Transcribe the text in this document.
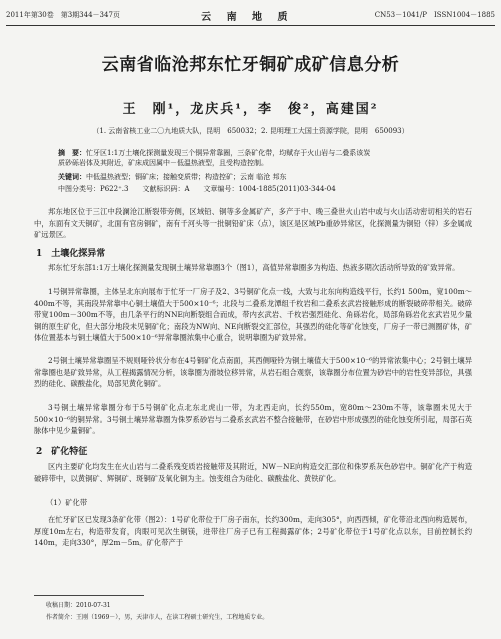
2011年第30卷　第3期344－347页	云 南 地 质	CN53－1041/P　ISSN1004－1885
云南省临沧邦东忙牙铜矿成矿信息分析
王　刚¹，龙庆兵¹，李　俊²，高建国²
（1. 云南省核工业二〇九地质大队，昆明　650032；2. 昆明理工大国土资源学院，昆明　650093）
摘　要：忙牙区1:1万土壤化探测量发现三个铜异常靠圈，三条矿化带，均赋存于火山岩与二叠系该炭
质砂砾岩体及其附近，矿床成因属中－低温热液型，且受构造控制。
关键词：中低温热液型；铜矿床；接触变质带；构造控矿；云南 临沧 邦东
中图分类号：P622⁺.3　　文献标识码：A　　文章编号：1004-1885(2011)03-344-04
邦东地区位于三江中段澜沧江断裂带旁侧，区域铅、铜等多金属矿产，多产于中、晚三叠世火山岩中或与火山活动密切相关的岩石中，东面有文天铜矿，北面有官房铜矿，南有千河头等一批铜铅矿床（点），该区是区域Pb重砂异常区，化探测量为铜铅（锌）多金属成矿远景区。
1　土壤化探异常
邦东忙牙东部1:1万土壤化探测量发现铜土壤异常靠圈3个（图1），高值异常靠圈多为构造、热液多期次活动所导致的矿致异常。
1号铜异常靠圈，主体呈北东向展布于忙牙一厂房子及2、3号铜矿化点一线，大致与北东向构造线平行，长约1 500m，宽100m～400m不等，其南段异常靠中心铜土壤值大于500×10⁻⁶；北段与二叠系龙潭组千枚岩和二叠系玄武岩接触形成的断裂破碎带相关。破碎带宽100m－300m不等，由几条平行的NNE向断裂组合而成，带内玄武岩、千枚岩强烈硅化、角砾岩化，局部角砾岩化玄武岩见少量铜的原生矿化，但大部分地段未见铜矿化；南段为NW向、NE向断裂交汇部位，其强烈的硅化等矿化蚀变，厂房子一带已测圈矿体，矿体位置基本与铜土壤值大于500×10⁻⁶异常靠圈浓集中心重合，说明靠圈为矿致异常。
2号铜土壤异常靠圈呈不规则哑铃状分布在4号铜矿化点南面，其西侧哑铃为铜土壤值大于500×10⁻⁶的异常浓集中心；2号铜土壤异常靠圈也是矿致异常，从工程揭露情况分析，该靠圈为滑坡位移异常，从岩石组合观察，该靠圈分布位置为砂岩中的岩性变异部位，具强烈的硅化、碳酸盐化，局部见黄化铜矿。
3号铜土壤异常靠圈分布于5号铜矿化点北东北虎山一带，为北西走向，长约550m，宽80m～230m不等，该靠圈未见大于500×10⁻⁶的铜异常。3号铜土壤异常靠圈为侏罗系砂岩与二叠系玄武岩不整合接触带，在砂岩中形成强烈的硅化蚀变所引起，局部石英脉体中见少量铜矿。
2　矿化特征
区内主要矿化均发生在火山岩与二叠系残变质岩接触带及其附近，NW－NE向构造交汇部位和侏罗系灰色砂岩中。铜矿化产于构造破碎带中，以黄铜矿、辉铜矿、斑铜矿及氧化铜为主。蚀变组合为硅化、碳酸盐化、黄铁矿化。
（1）矿化带
在忙牙矿区已发现3条矿化带（图2）：1号矿化带位于厂房子南东，长约300m，走向305°，向西西倾，矿化带沿北西向构造展布，厚度10m左右，构造带发育，肉眼可见次生铜镁，进带往厂房子已有工程揭露矿体；2号矿化带位于1号矿化点以东，目前控制长约140m，走向330°，厚2m－5m。矿化带产于
收稿日期：2010-07-31
作者简介：王刚（1969－），男，天津市人，在读工程硕士研究生，工程地质专业。
